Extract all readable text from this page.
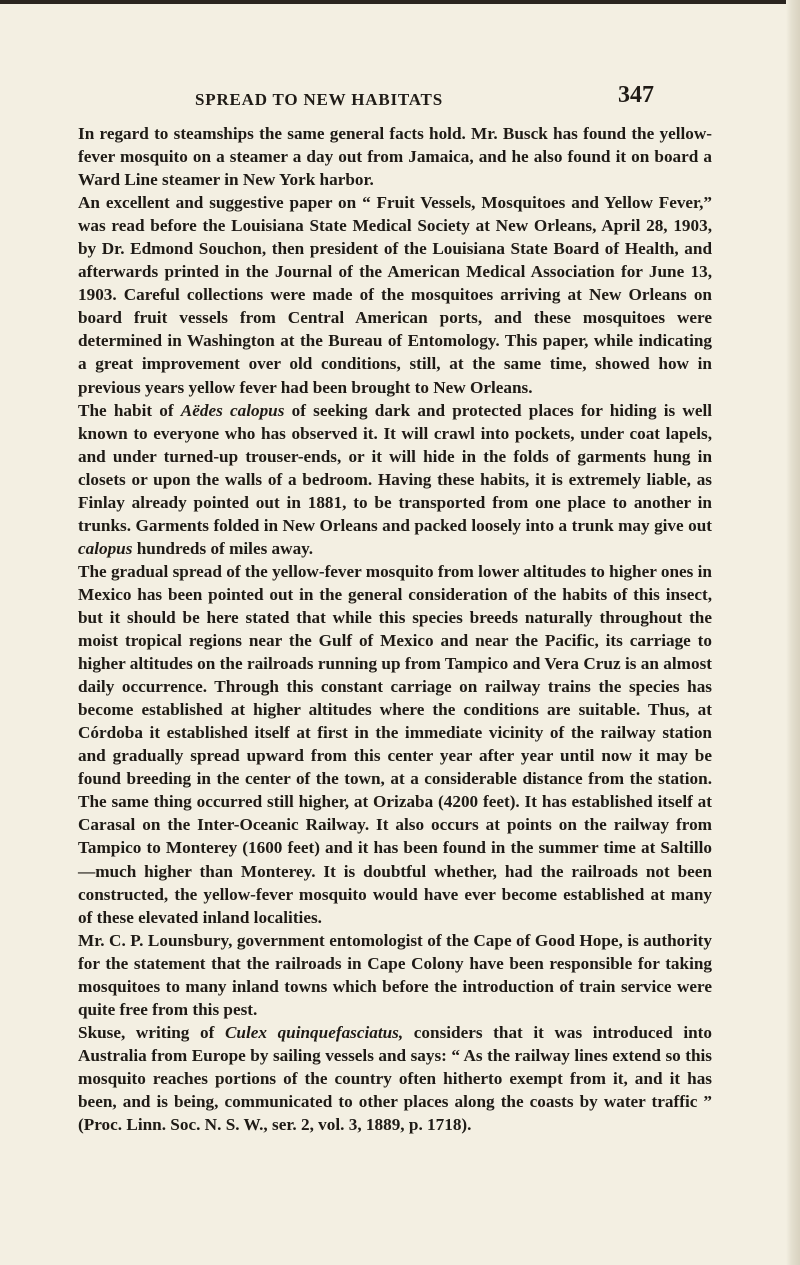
SPREAD TO NEW HABITATS	347

In regard to steamships the same general facts hold. Mr. Busck has found the yellow-fever mosquito on a steamer a day out from Jamaica, and he also found it on board a Ward Line steamer in New York harbor.

An excellent and suggestive paper on “ Fruit Vessels, Mosquitoes and Yellow Fever,” was read before the Louisiana State Medical Society at New Orleans, April 28, 1903, by Dr. Edmond Souchon, then president of the Louisiana State Board of Health, and afterwards printed in the Journal of the American Medical Association for June 13, 1903. Careful collections were made of the mosquitoes arriving at New Orleans on board fruit vessels from Central American ports, and these mosquitoes were determined in Washington at the Bureau of Entomology. This paper, while indicating a great improvement over old conditions, still, at the same time, showed how in previous years yellow fever had been brought to New Orleans.

The habit of Aëdes calopus of seeking dark and protected places for hiding is well known to everyone who has observed it. It will crawl into pockets, under coat lapels, and under turned-up trouser-ends, or it will hide in the folds of garments hung in closets or upon the walls of a bedroom. Having these habits, it is extremely liable, as Finlay already pointed out in 1881, to be transported from one place to another in trunks. Garments folded in New Orleans and packed loosely into a trunk may give out calopus hundreds of miles away.

The gradual spread of the yellow-fever mosquito from lower altitudes to higher ones in Mexico has been pointed out in the general consideration of the habits of this insect, but it should be here stated that while this species breeds naturally throughout the moist tropical regions near the Gulf of Mexico and near the Pacific, its carriage to higher altitudes on the railroads running up from Tampico and Vera Cruz is an almost daily occurrence. Through this constant carriage on railway trains the species has become established at higher altitudes where the conditions are suitable. Thus, at Córdoba it established itself at first in the immediate vicinity of the railway station and gradually spread upward from this center year after year until now it may be found breeding in the center of the town, at a considerable distance from the station. The same thing occurred still higher, at Orizaba (4200 feet). It has established itself at Carasal on the Inter-Oceanic Railway. It also occurs at points on the railway from Tampico to Monterey (1600 feet) and it has been found in the summer time at Saltillo—much higher than Monterey. It is doubtful whether, had the railroads not been constructed, the yellow-fever mosquito would have ever become established at many of these elevated inland localities.

Mr. C. P. Lounsbury, government entomologist of the Cape of Good Hope, is authority for the statement that the railroads in Cape Colony have been responsible for taking mosquitoes to many inland towns which before the introduction of train service were quite free from this pest.

Skuse, writing of Culex quinquefasciatus, considers that it was introduced into Australia from Europe by sailing vessels and says: “ As the railway lines extend so this mosquito reaches portions of the country often hitherto exempt from it, and it has been, and is being, communicated to other places along the coasts by water traffic ” (Proc. Linn. Soc. N. S. W., ser. 2, vol. 3, 1889, p. 1718).
